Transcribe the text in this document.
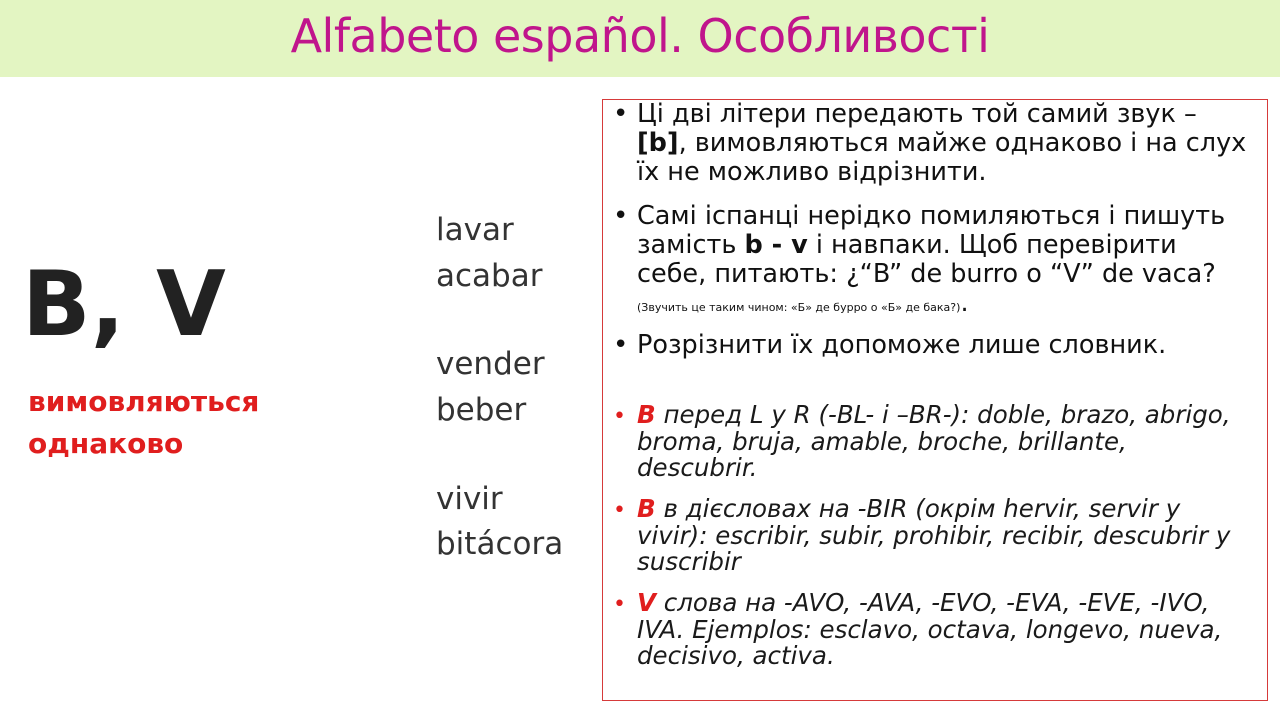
Alfabeto español. Особливості
B, V
вимовляються
однаково
lavar
acabar
vender
beber
vivir
bitácora
• Ці дві літери передають той самий звук – [b], вимовляються майже однаково і на слух їх не можливо відрізнити.
• Самі іспанці нерідко помиляються і пишуть замість b - v і навпаки. Щоб перевірити себе, питають: ¿“B” de burro o “V” de vaca? (Звучить це таким чином: «Б» де бурро о «Б» де бака?).
• Розрізнити їх допоможе лише словник.
• B перед L y R (-BL- і –BR-): doble, brazo, abrigo, broma, bruja, amable, broche, brillante, descubrir.
• B в дієсловах на -BIR (окрім hervir, servir y vivir): escribir, subir, prohibir, recibir, descubrir y suscribir
• V слова на -AVO, -AVA, -EVO, -EVA, -EVE, -IVO, IVA. Ejemplos: esclavo, octava, longevo, nueva, decisivo, activa.
